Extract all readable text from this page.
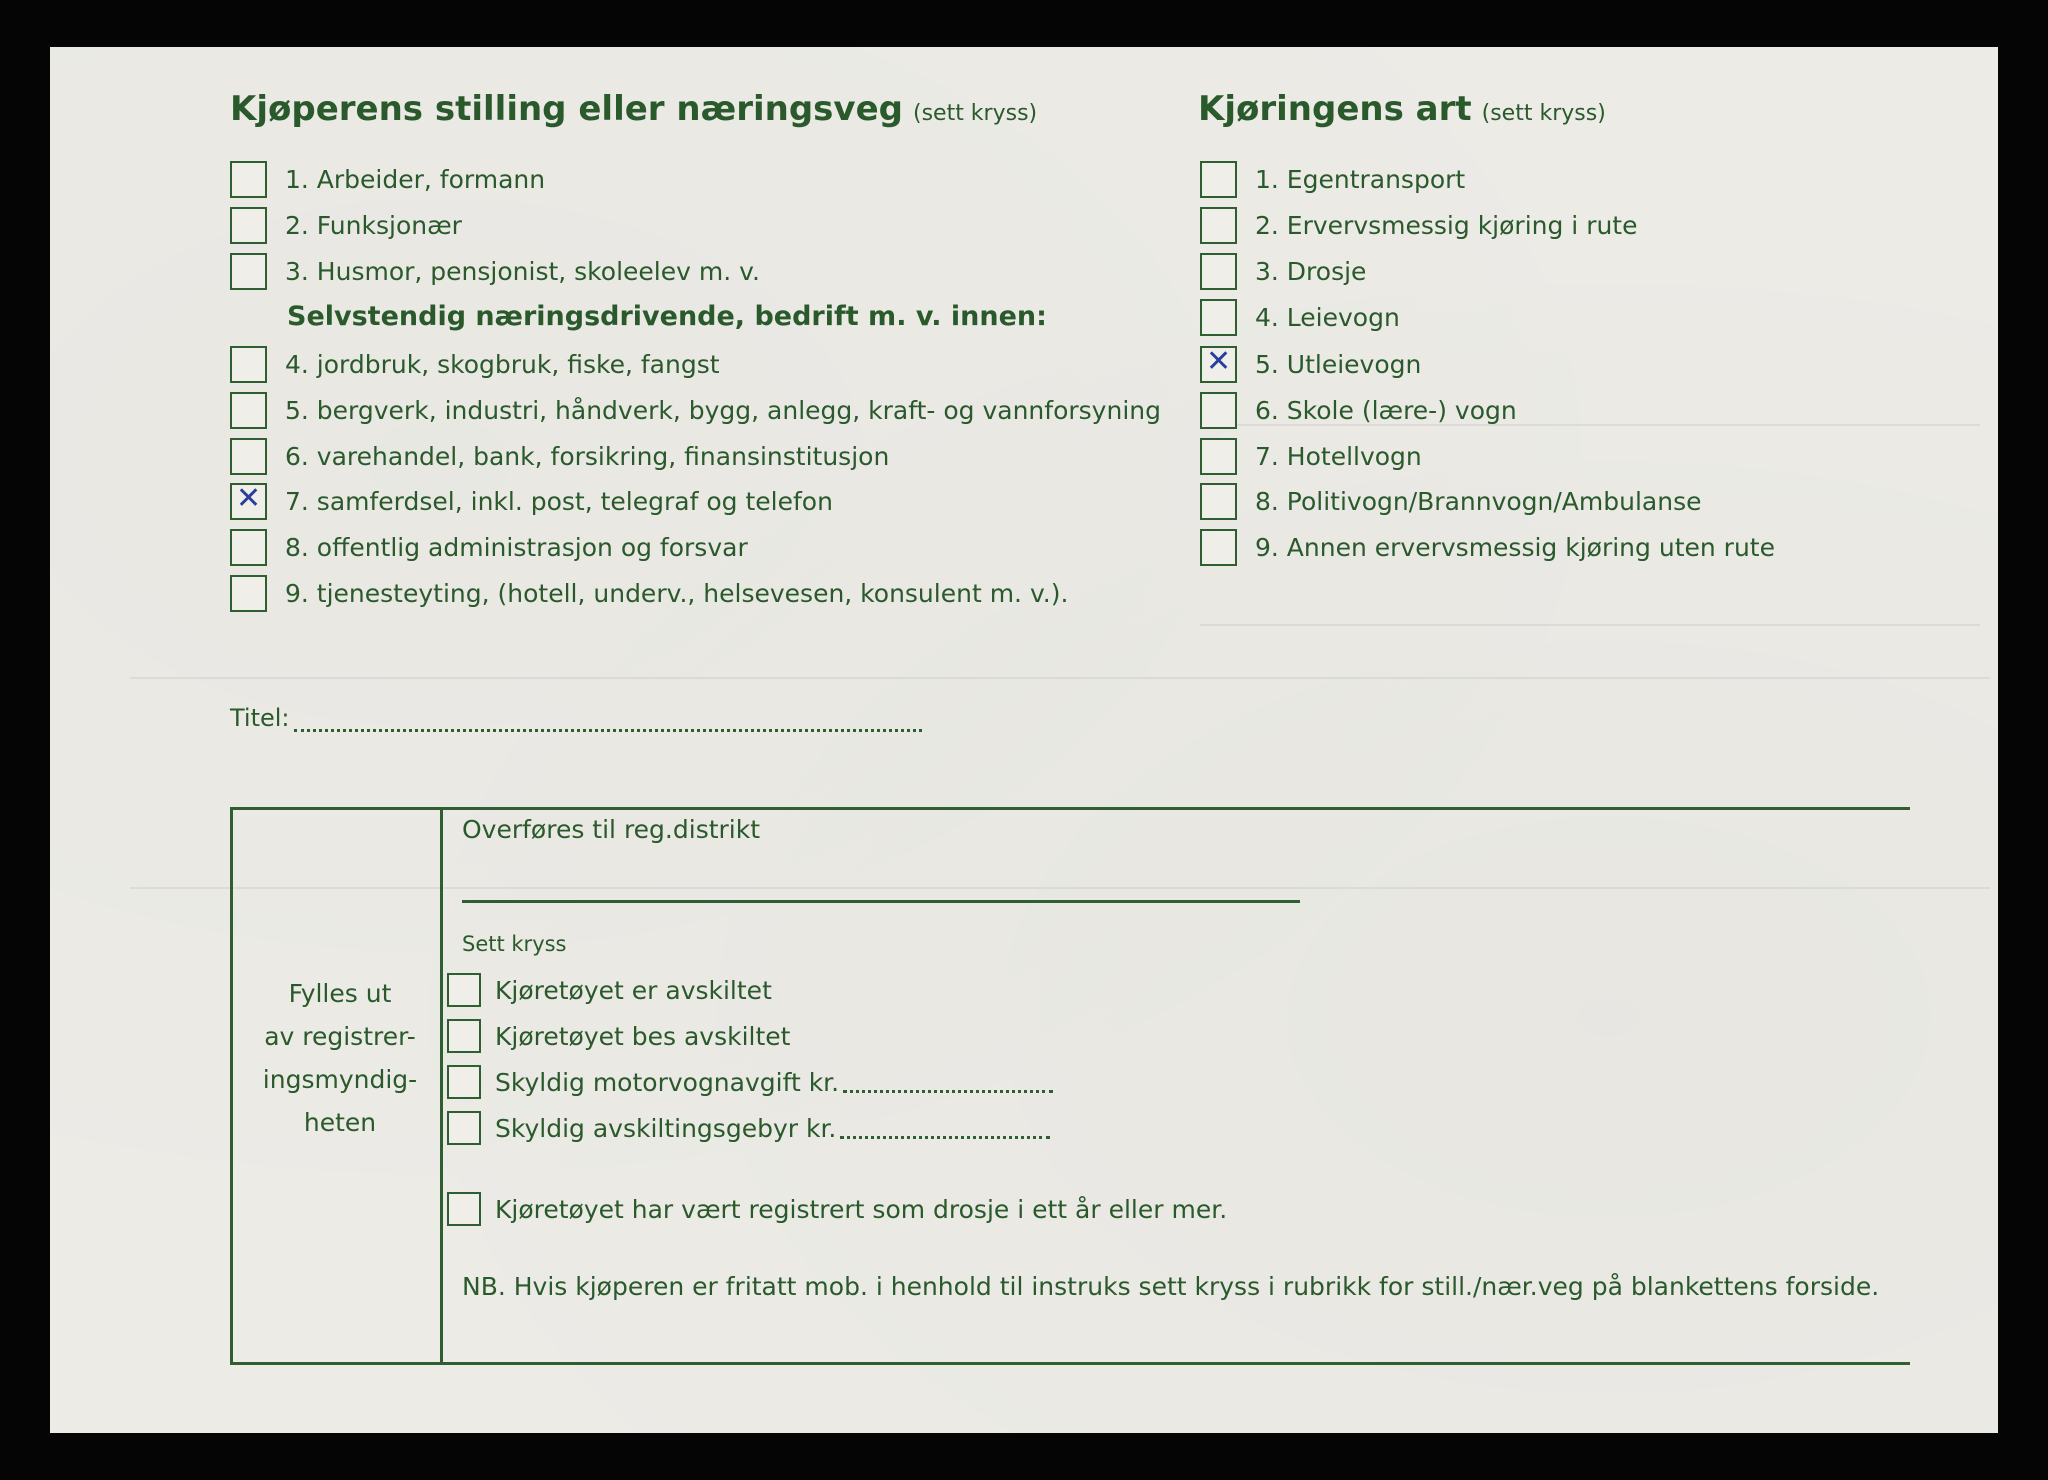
Kjøperens stilling eller næringsveg (sett kryss)	Kjøringens art (sett kryss)
1. Arbeider, formann
2. Funksjonær
3. Husmor, pensjonist, skoleelev m. v.
Selvstendig næringsdrivende, bedrift m. v. innen:
4. jordbruk, skogbruk, fiske, fangst
5. bergverk, industri, håndverk, bygg, anlegg, kraft- og vannforsyning
6. varehandel, bank, forsikring, finansinstitusjon
✕
7. samferdsel, inkl. post, telegraf og telefon
8. offentlig administrasjon og forsvar
9. tjenesteyting, (hotell, underv., helsevesen, konsulent m. v.).
1. Egentransport
2. Ervervsmessig kjøring i rute
3. Drosje
4. Leievogn
✕
5. Utleievogn
6. Skole (lære-) vogn
7. Hotellvogn
8. Politivogn/Brannvogn/Ambulanse
9. Annen ervervsmessig kjøring uten rute
Titel:
Fylles ut
av registrer-
ingsmyndig-
heten
Overføres til reg.distrikt
Sett kryss
Kjøretøyet er avskiltet
Kjøretøyet bes avskiltet
Skyldig motorvognavgift kr.
Skyldig avskiltingsgebyr kr.
Kjøretøyet har vært registrert som drosje i ett år eller mer.
NB. Hvis kjøperen er fritatt mob. i henhold til instruks sett kryss i rubrikk for still./nær.veg på blankettens forside.
